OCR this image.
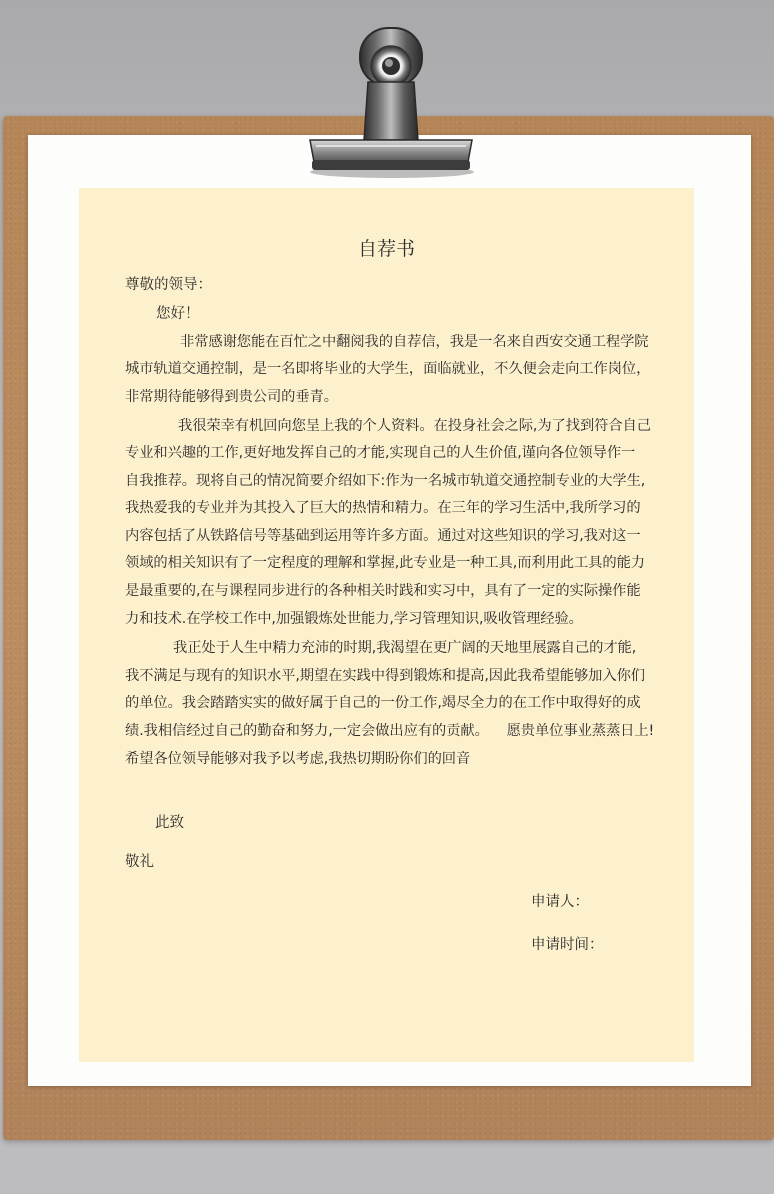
自荐书
尊敬的领导：
您好！
非常感谢您能在百忙之中翻阅我的自荐信，我是一名来自西安交通工程学院
城市轨道交通控制，是一名即将毕业的大学生，面临就业，不久便会走向工作岗位，
非常期待能够得到贵公司的垂青。
我很荣幸有机回向您呈上我的个人资料。在投身社会之际,为了找到符合自己
专业和兴趣的工作,更好地发挥自己的才能,实现自己的人生价值,谨向各位领导作一
自我推荐。现将自己的情况简要介绍如下:作为一名城市轨道交通控制专业的大学生,
我热爱我的专业并为其投入了巨大的热情和精力。在三年的学习生活中,我所学习的
内容包括了从铁路信号等基础到运用等许多方面。通过对这些知识的学习,我对这一
领域的相关知识有了一定程度的理解和掌握,此专业是一种工具,而利用此工具的能力
是最重要的,在与课程同步进行的各种相关时践和实习中，具有了一定的实际操作能
力和技术.在学校工作中,加强锻炼处世能力,学习管理知识,吸收管理经验。
我正处于人生中精力充沛的时期,我渴望在更广阔的天地里展露自己的才能,
我不满足与现有的知识水平,期望在实践中得到锻炼和提高,因此我希望能够加入你们
的单位。我会踏踏实实的做好属于自己的一份工作,竭尽全力的在工作中取得好的成
绩.我相信经过自己的勤奋和努力,一定会做出应有的贡献。    愿贵单位事业蒸蒸日上!
希望各位领导能够对我予以考虑,我热切期盼你们的回音
此致
敬礼
申请人：
申请时间：
